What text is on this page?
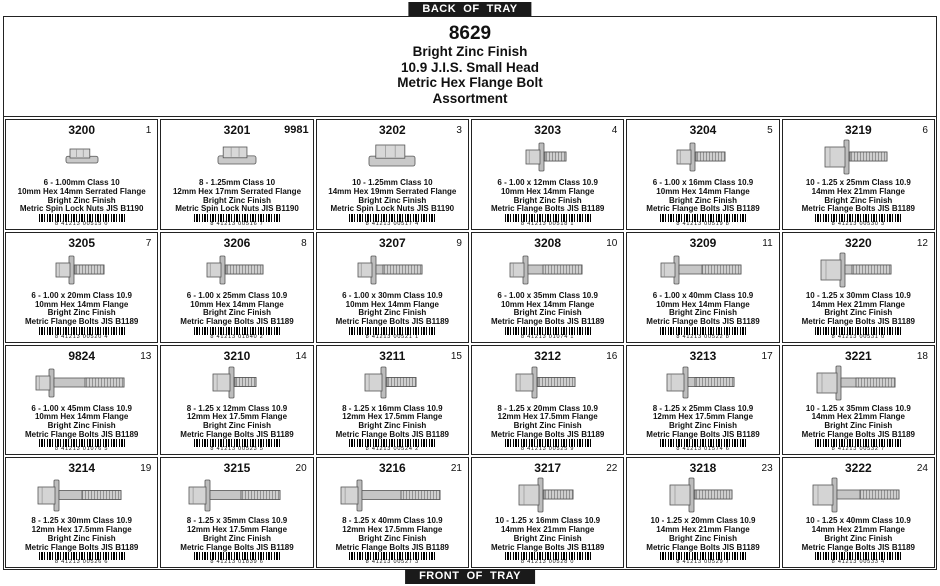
BACK  OF  TRAY
8629
Bright Zinc Finish
10.9 J.I.S. Small Head
Metric Hex Flange Bolt
Assortment
3200	1
6 - 1.00mm Class 10
10mm Hex 14mm Serrated Flange
Bright Zinc Finish
Metric Spin Lock Nuts JIS B1190
8 41213 00515 0
3201	9981
8 - 1.25mm Class 10
12mm Hex 17mm Serrated Flange
Bright Zinc Finish
Metric Spin Lock Nuts JIS B1190
8 41213 00516 7
3202	3
10 - 1.25mm Class 10
14mm Hex 19mm Serrated Flange
Bright Zinc Finish
Metric Spin Lock Nuts JIS B1190
8 41213 00517 4
3203	4
6 - 1.00 x 12mm Class 10.9
10mm Hex 14mm Flange
Bright Zinc Finish
Metric Flange Bolts JIS B1189
8 41213 00518 1
3204	5
6 - 1.00 x 16mm Class 10.9
10mm Hex 14mm Flange
Bright Zinc Finish
Metric Flange Bolts JIS B1189
8 41213 00519 8
3219	6
10 - 1.25 x 25mm Class 10.9
14mm Hex 21mm Flange
Bright Zinc Finish
Metric Flange Bolts JIS B1189
8 41213 00530 3
3205	7
6 - 1.00 x 20mm Class 10.9
10mm Hex 14mm Flange
Bright Zinc Finish
Metric Flange Bolts JIS B1189
8 41213 00520 4
3206	8
6 - 1.00 x 25mm Class 10.9
10mm Hex 14mm Flange
Bright Zinc Finish
Metric Flange Bolts JIS B1189
8 41213 01840 2
3207	9
6 - 1.00 x 30mm Class 10.9
10mm Hex 14mm Flange
Bright Zinc Finish
Metric Flange Bolts JIS B1189
8 41213 00521 1
3208	10
6 - 1.00 x 35mm Class 10.9
10mm Hex 14mm Flange
Bright Zinc Finish
Metric Flange Bolts JIS B1189
8 41213 01074 1
3209	11
6 - 1.00 x 40mm Class 10.9
10mm Hex 14mm Flange
Bright Zinc Finish
Metric Flange Bolts JIS B1189
8 41213 00522 8
3220	12
10 - 1.25 x 30mm Class 10.9
14mm Hex 21mm Flange
Bright Zinc Finish
Metric Flange Bolts JIS B1189
8 41213 00531 0
9824	13
6 - 1.00 x 45mm Class 10.9
10mm Hex 14mm Flange
Bright Zinc Finish
Metric Flange Bolts JIS B1189
8 41213 01076 5
3210	14
8 - 1.25 x 12mm Class 10.9
12mm Hex 17.5mm Flange
Bright Zinc Finish
Metric Flange Bolts JIS B1189
8 41213 00523 5
3211	15
8 - 1.25 x 16mm Class 10.9
12mm Hex 17.5mm Flange
Bright Zinc Finish
Metric Flange Bolts JIS B1189
8 41213 00524 2
3212	16
8 - 1.25 x 20mm Class 10.9
12mm Hex 17.5mm Flange
Bright Zinc Finish
Metric Flange Bolts JIS B1189
8 41213 00525 9
3213	17
8 - 1.25 x 25mm Class 10.9
12mm Hex 17.5mm Flange
Bright Zinc Finish
Metric Flange Bolts JIS B1189
8 41213 01574 6
3221	18
10 - 1.25 x 35mm Class 10.9
14mm Hex 21mm Flange
Bright Zinc Finish
Metric Flange Bolts JIS B1189
8 41213 00532 7
3214	19
8 - 1.25 x 30mm Class 10.9
12mm Hex 17.5mm Flange
Bright Zinc Finish
Metric Flange Bolts JIS B1189
8 41213 00526 6
3215	20
8 - 1.25 x 35mm Class 10.9
12mm Hex 17.5mm Flange
Bright Zinc Finish
Metric Flange Bolts JIS B1189
8 41213 01839 6
3216	21
8 - 1.25 x 40mm Class 10.9
12mm Hex 17.5mm Flange
Bright Zinc Finish
Metric Flange Bolts JIS B1189
8 41213 00527 3
3217	22
10 - 1.25 x 16mm Class 10.9
14mm Hex 21mm Flange
Bright Zinc Finish
Metric Flange Bolts JIS B1189
8 41213 00528 0
3218	23
10 - 1.25 x 20mm Class 10.9
14mm Hex 21mm Flange
Bright Zinc Finish
Metric Flange Bolts JIS B1189
8 41213 00529 7
3222	24
10 - 1.25 x 40mm Class 10.9
14mm Hex 21mm Flange
Bright Zinc Finish
Metric Flange Bolts JIS B1189
8 41213 00533 4
FRONT  OF  TRAY
